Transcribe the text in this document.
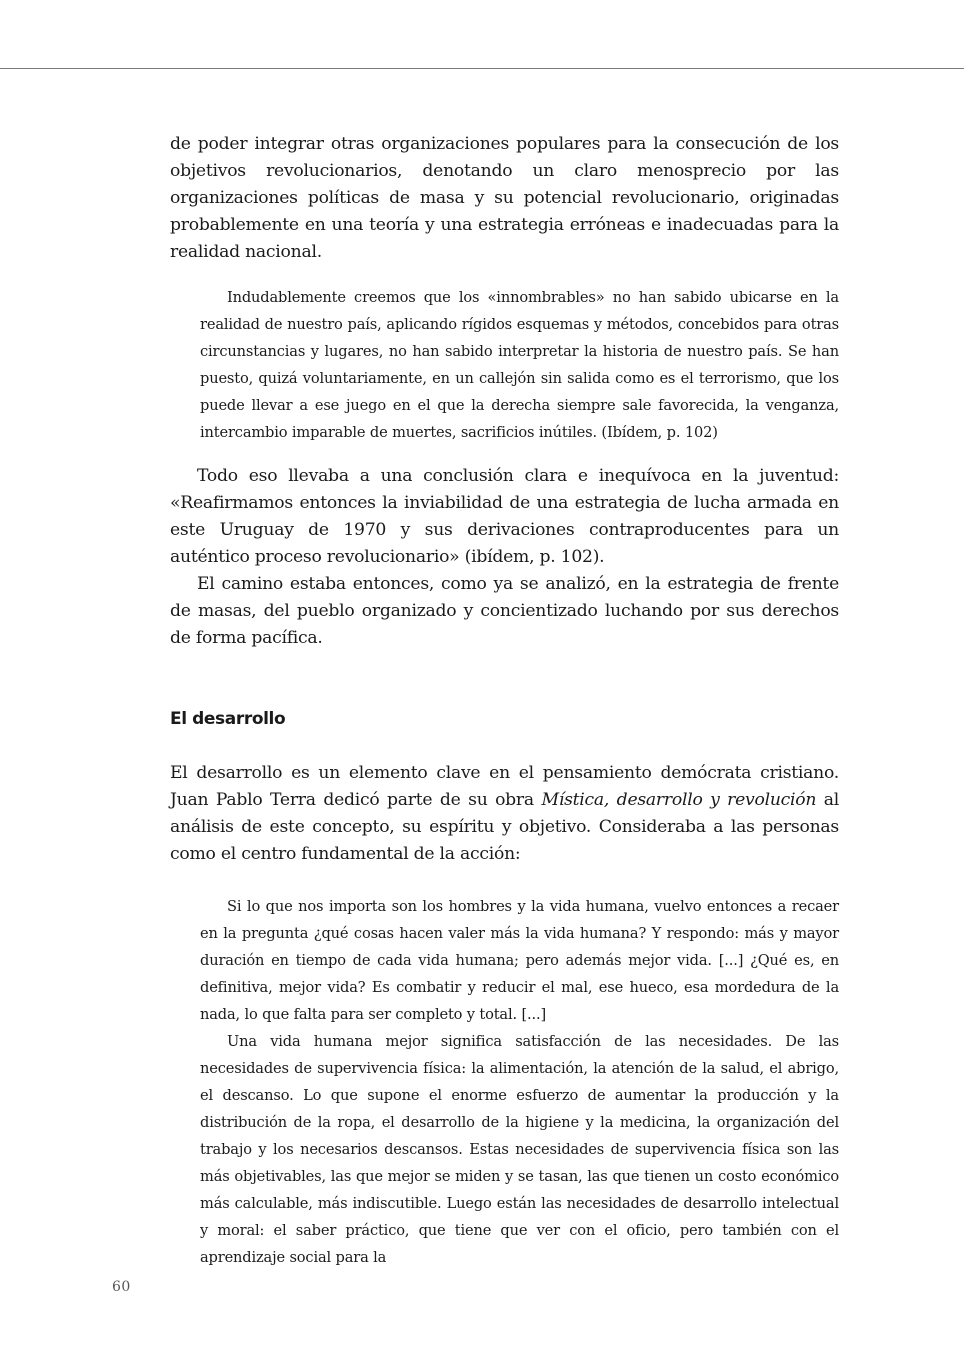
de poder integrar otras organizaciones populares para la consecución de los objetivos revolucionarios, denotando un claro menosprecio por las organizaciones políticas de masa y su potencial revolucionario, originadas probablemente en una teoría y una estrategia erróneas e inadecuadas para la realidad nacional.

Indudablemente creemos que los «innombrables» no han sabido ubicarse en la realidad de nuestro país, aplicando rígidos esquemas y métodos, concebidos para otras circunstancias y lugares, no han sabido interpretar la historia de nuestro país. Se han puesto, quizá voluntariamente, en un callejón sin salida como es el terrorismo, que los puede llevar a ese juego en el que la derecha siempre sale favorecida, la venganza, intercambio imparable de muertes, sacrificios inútiles. (Ibídem, p. 102)

Todo eso llevaba a una conclusión clara e inequívoca en la juventud: «Reafirmamos entonces la inviabilidad de una estrategia de lucha armada en este Uruguay de 1970 y sus derivaciones contraproducentes para un auténtico proceso revolucionario» (ibídem, p. 102).

El camino estaba entonces, como ya se analizó, en la estrategia de frente de masas, del pueblo organizado y concientizado luchando por sus derechos de forma pacífica.

El desarrollo

El desarrollo es un elemento clave en el pensamiento demócrata cristiano. Juan Pablo Terra dedicó parte de su obra Mística, desarrollo y revolución al análisis de este concepto, su espíritu y objetivo. Consideraba a las personas como el centro fundamental de la acción:

Si lo que nos importa son los hombres y la vida humana, vuelvo entonces a recaer en la pregunta ¿qué cosas hacen valer más la vida humana? Y respondo: más y mayor duración en tiempo de cada vida humana; pero además mejor vida. [...] ¿Qué es, en definitiva, mejor vida? Es combatir y reducir el mal, ese hueco, esa mordedura de la nada, lo que falta para ser completo y total. [...]

Una vida humana mejor significa satisfacción de las necesidades. De las necesidades de supervivencia física: la alimentación, la atención de la salud, el abrigo, el descanso. Lo que supone el enorme esfuerzo de aumentar la producción y la distribución de la ropa, el desarrollo de la higiene y la medicina, la organización del trabajo y los necesarios descansos. Estas necesidades de supervivencia física son las más objetivables, las que mejor se miden y se tasan, las que tienen un costo económico más calculable, más indiscutible. Luego están las necesidades de desarrollo intelectual y moral: el saber práctico, que tiene que ver con el oficio, pero también con el aprendizaje social para la

60
